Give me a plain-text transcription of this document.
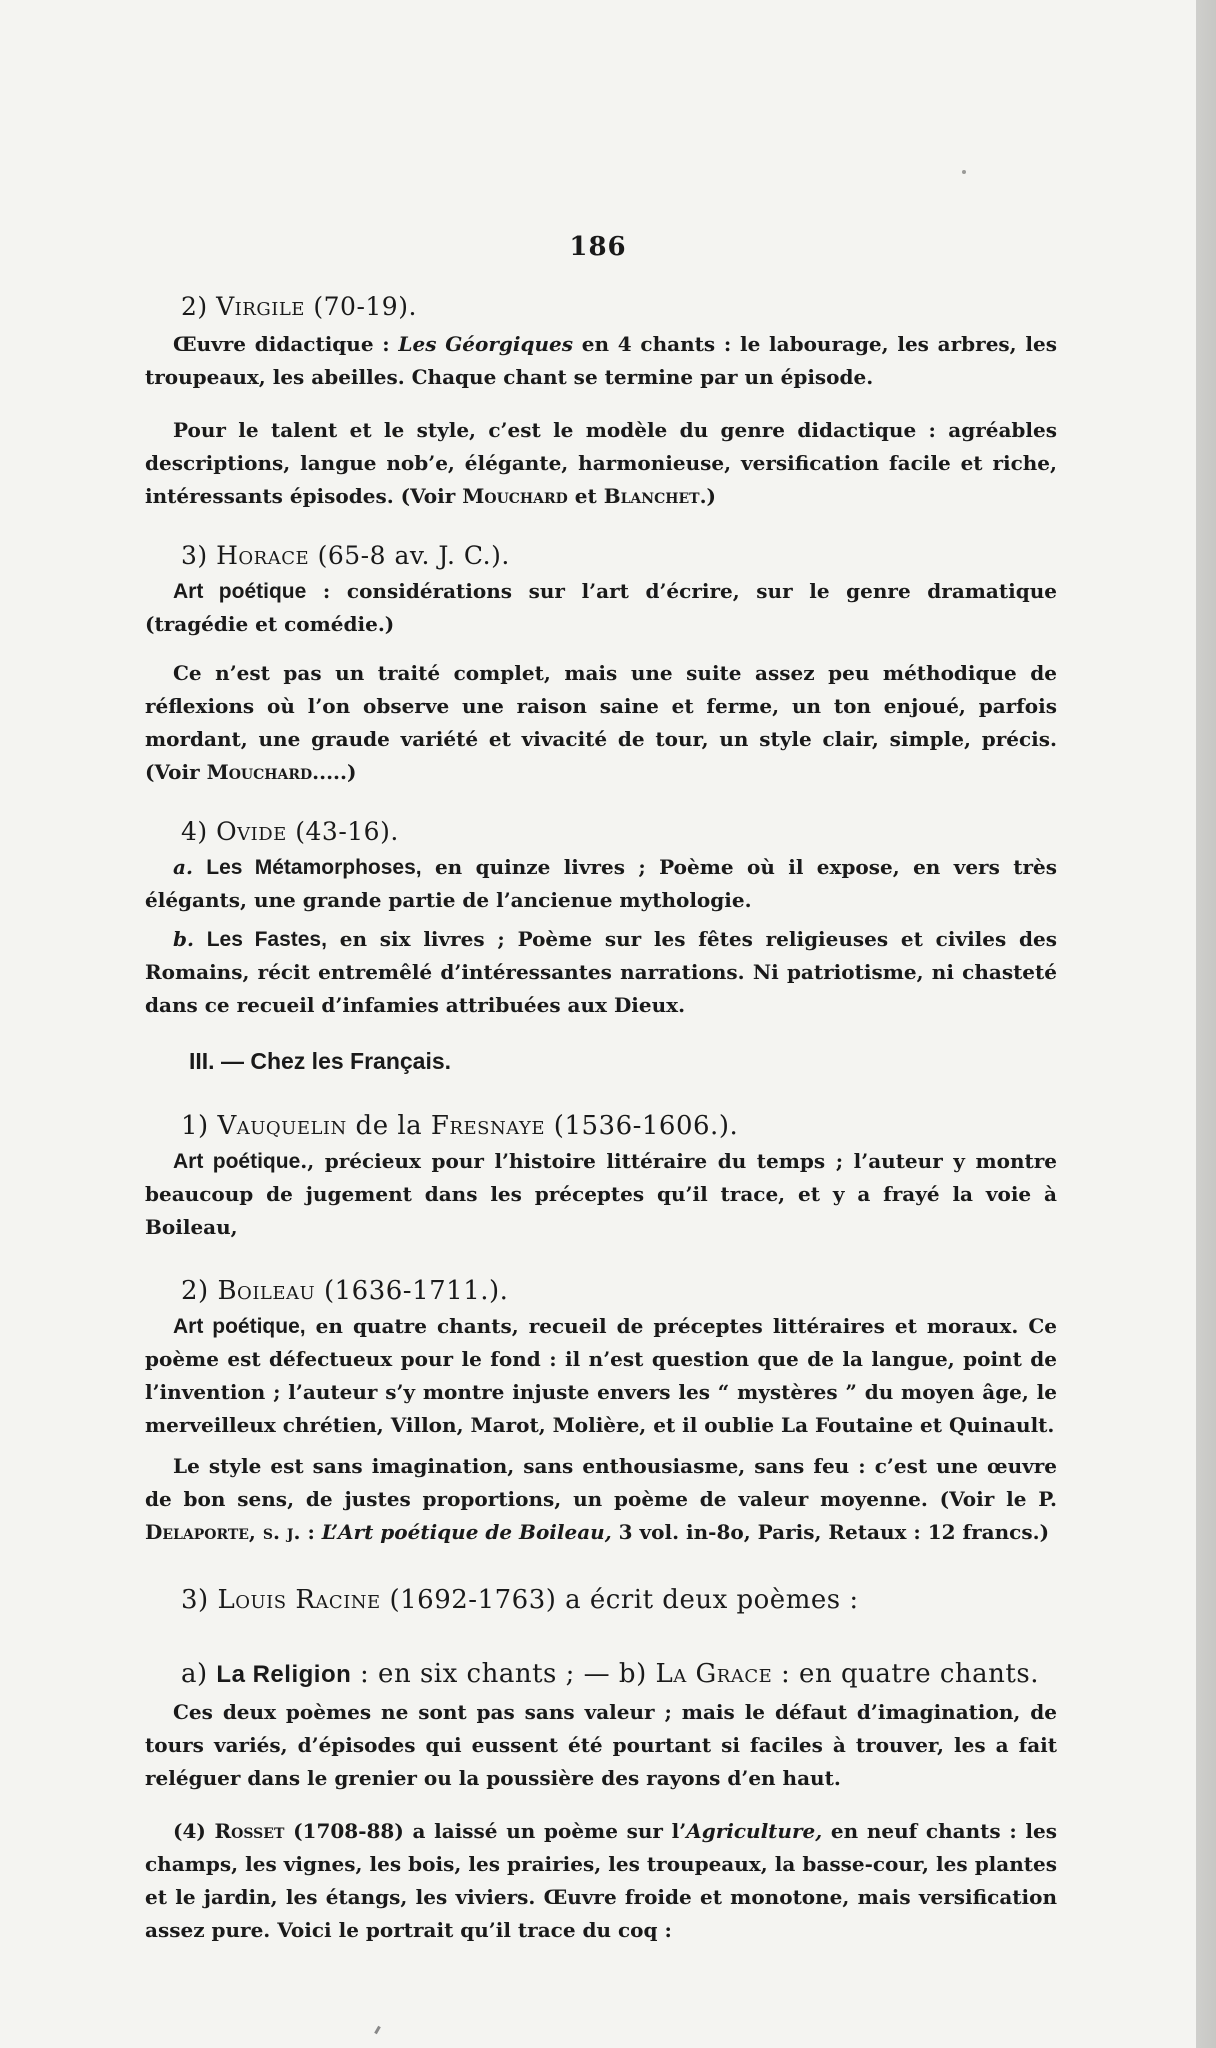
186
2) Virgile (70-19).

Œuvre didactique : Les Géorgiques en 4 chants : le labourage, les arbres, les troupeaux, les abeilles. Chaque chant se termine par un épisode.

Pour le talent et le style, c’est le modèle du genre didactique : agréables descriptions, langue nob’e, élégante, harmonieuse, versification facile et riche, intéressants épisodes. (Voir Mouchard et Blanchet.)

3) Horace (65-8 av. J. C.).

Art poétique : considérations sur l’art d’écrire, sur le genre dramatique (tragédie et comédie.)

Ce n’est pas un traité complet, mais une suite assez peu méthodique de réflexions où l’on observe une raison saine et ferme, un ton enjoué, parfois mordant, une graude variété et vivacité de tour, un style clair, simple, précis. (Voir Mouchard.....)

4) Ovide (43-16).

a. Les Métamorphoses, en quinze livres ; Poème où il expose, en vers très élégants, une grande partie de l’ancienue mythologie.

b. Les Fastes, en six livres ; Poème sur les fêtes religieuses et civiles des Romains, récit entremêlé d’intéressantes narrations. Ni patriotisme, ni chasteté dans ce recueil d’infamies attribuées aux Dieux.

III. — Chez les Français.
1) Vauquelin de la Fresnaye (1536-1606.).

Art poétique., précieux pour l’histoire littéraire du temps ; l’auteur y montre beaucoup de jugement dans les préceptes qu’il trace, et y a frayé la voie à Boileau,

2) Boileau (1636-1711.).

Art poétique, en quatre chants, recueil de préceptes littéraires et moraux. Ce poème est défectueux pour le fond : il n’est question que de la langue, point de l’invention ; l’auteur s’y montre injuste envers les “ mystères ” du moyen âge, le merveilleux chrétien, Villon, Marot, Molière, et il oublie La Foutaine et Quinault.

Le style est sans imagination, sans enthousiasme, sans feu : c’est une œuvre de bon sens, de justes proportions, un poème de valeur moyenne. (Voir le P. Delaporte, s. j. : L’Art poétique de Boileau, 3 vol. in-8o, Paris, Retaux : 12 francs.)

3) Louis Racine (1692-1763) a écrit deux poèmes :
a) La Religion : en six chants ; — b) La Grace : en quatre chants.

Ces deux poèmes ne sont pas sans valeur ; mais le défaut d’imagination, de tours variés, d’épisodes qui eussent été pourtant si faciles à trouver, les a fait reléguer dans le grenier ou la poussière des rayons d’en haut.

(4) Rosset (1708-88) a laissé un poème sur l’Agriculture, en neuf chants : les champs, les vignes, les bois, les prairies, les troupeaux, la basse-cour, les plantes et le jardin, les étangs, les viviers. Œuvre froide et monotone, mais versification assez pure. Voici le portrait qu’il trace du coq :
